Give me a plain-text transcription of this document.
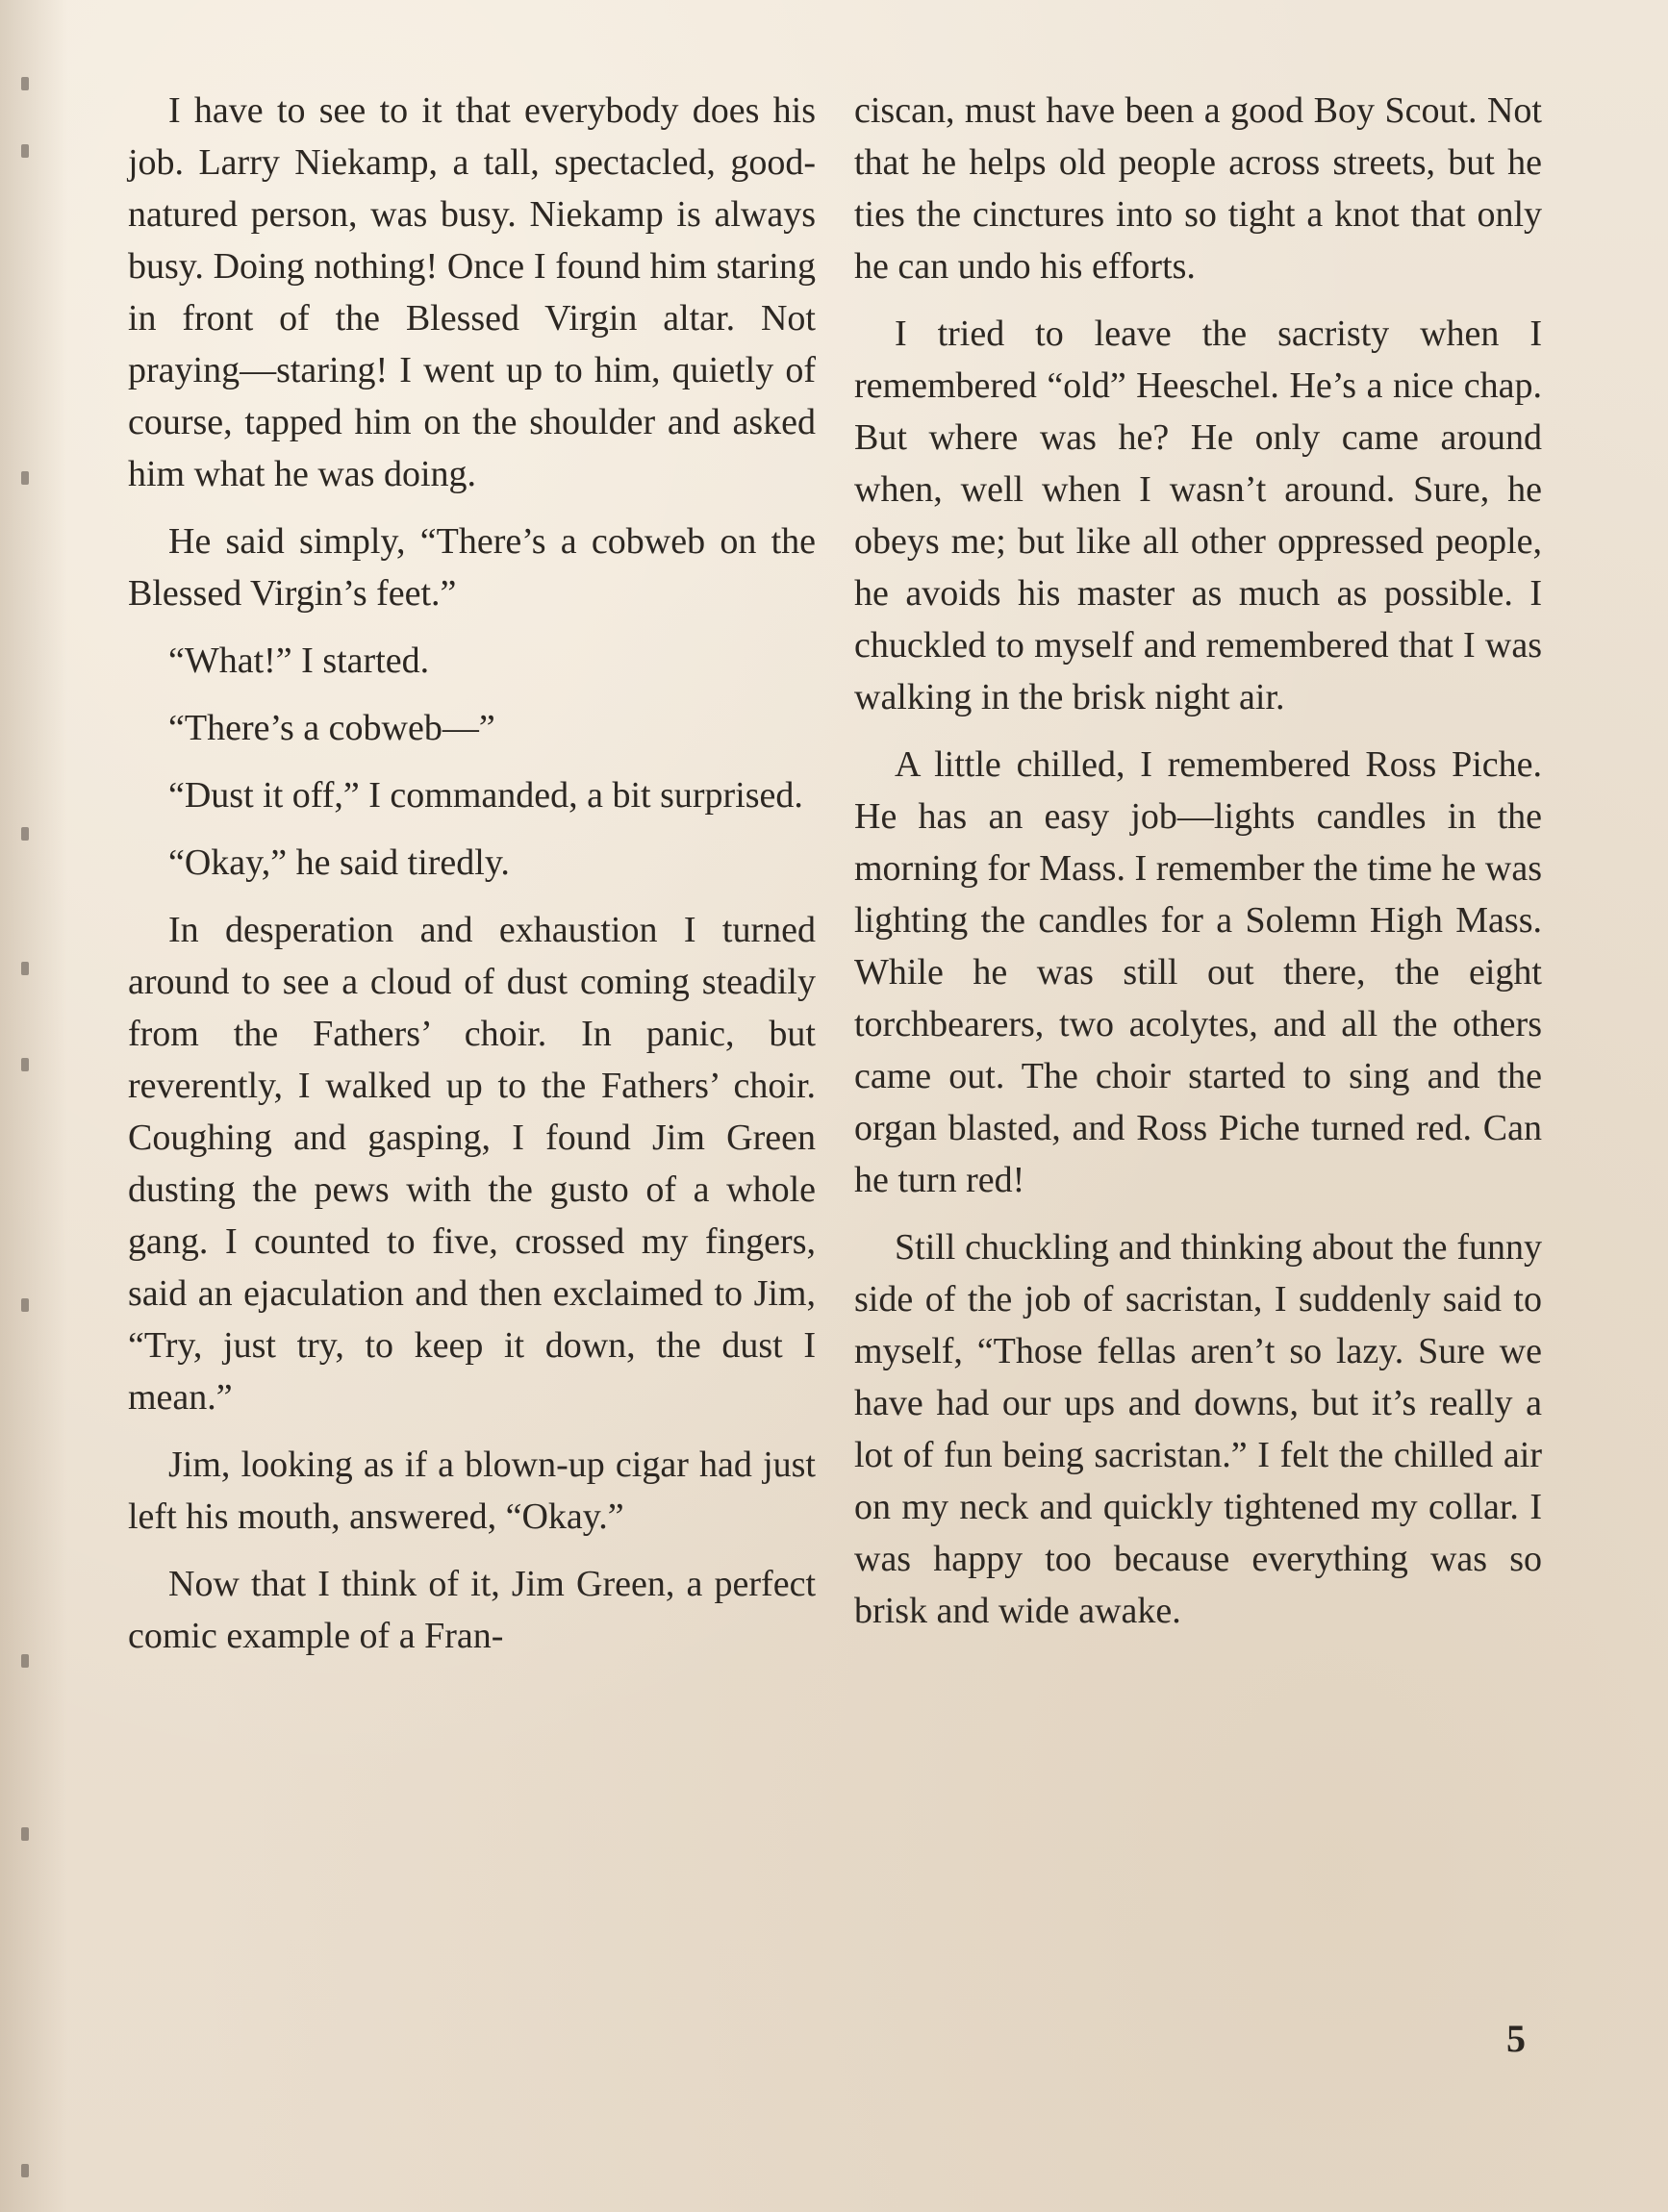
I have to see to it that everybody does his job. Larry Niekamp, a tall, spectacled, good-natured person, was busy. Niekamp is always busy. Doing nothing! Once I found him staring in front of the Blessed Virgin altar. Not praying—staring! I went up to him, quietly of course, tapped him on the shoulder and asked him what he was doing.

He said simply, “There’s a cobweb on the Blessed Virgin’s feet.”

“What!” I started.

“There’s a cobweb—”

“Dust it off,” I commanded, a bit surprised.

“Okay,” he said tiredly.

In desperation and exhaustion I turned around to see a cloud of dust coming steadily from the Fathers’ choir. In panic, but reverently, I walked up to the Fathers’ choir. Coughing and gasping, I found Jim Green dusting the pews with the gusto of a whole gang. I counted to five, crossed my fingers, said an ejaculation and then exclaimed to Jim, “Try, just try, to keep it down, the dust I mean.”

Jim, looking as if a blown-up cigar had just left his mouth, answered, “Okay.”

Now that I think of it, Jim Green, a perfect comic example of a Fran-

ciscan, must have been a good Boy Scout. Not that he helps old people across streets, but he ties the cinctures into so tight a knot that only he can undo his efforts.

I tried to leave the sacristy when I remembered “old” Heeschel. He’s a nice chap. But where was he? He only came around when, well when I wasn’t around. Sure, he obeys me; but like all other oppressed people, he avoids his master as much as possible. I chuckled to myself and remembered that I was walking in the brisk night air.

A little chilled, I remembered Ross Piche. He has an easy job—lights candles in the morning for Mass. I remember the time he was lighting the candles for a Solemn High Mass. While he was still out there, the eight torchbearers, two acolytes, and all the others came out. The choir started to sing and the organ blasted, and Ross Piche turned red. Can he turn red!

Still chuckling and thinking about the funny side of the job of sacristan, I suddenly said to myself, “Those fellas aren’t so lazy. Sure we have had our ups and downs, but it’s really a lot of fun being sacristan.” I felt the chilled air on my neck and quickly tightened my collar. I was happy too because everything was so brisk and wide awake.

5
